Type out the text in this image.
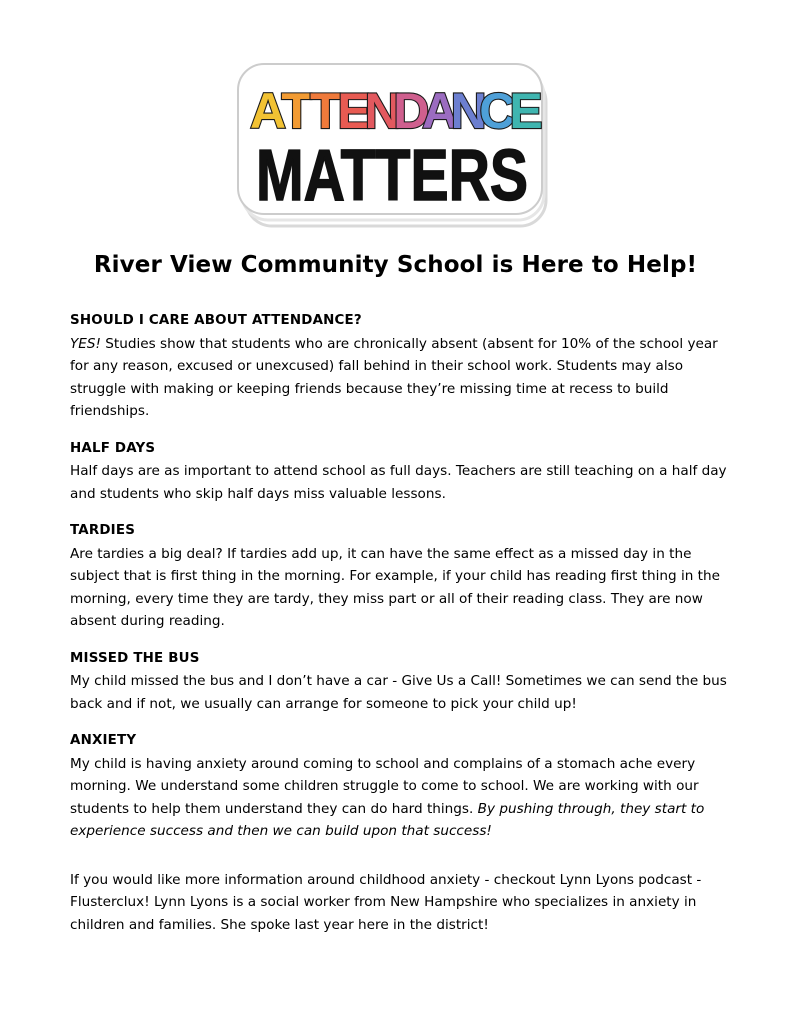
A
T
T
E
N
D
A
N
C
E
MATTERS
River View Community School is Here to Help!
SHOULD I CARE ABOUT ATTENDANCE?
YES! Studies show that students who are chronically absent (absent for 10% of the school year for any reason, excused or unexcused) fall behind in their school work. Students may also struggle with making or keeping friends because they’re missing time at recess to build friendships.
HALF DAYS
Half days are as important to attend school as full days. Teachers are still teaching on a half day and students who skip half days miss valuable lessons.
TARDIES
Are tardies a big deal? If tardies add up, it can have the same effect as a missed day in the subject that is first thing in the morning. For example, if your child has reading first thing in the morning, every time they are tardy, they miss part or all of their reading class. They are now absent during reading.
MISSED THE BUS
My child missed the bus and I don’t have a car - Give Us a Call! Sometimes we can send the bus back and if not, we usually can arrange for someone to pick your child up!
ANXIETY
My child is having anxiety around coming to school and complains of a stomach ache every morning. We understand some children struggle to come to school. We are working with our students to help them understand they can do hard things. By pushing through, they start to experience success and then we can build upon that success!

If you would like more information around childhood anxiety - checkout Lynn Lyons podcast - Flusterclux! Lynn Lyons is a social worker from New Hampshire who specializes in anxiety in children and families. She spoke last year here in the district!
